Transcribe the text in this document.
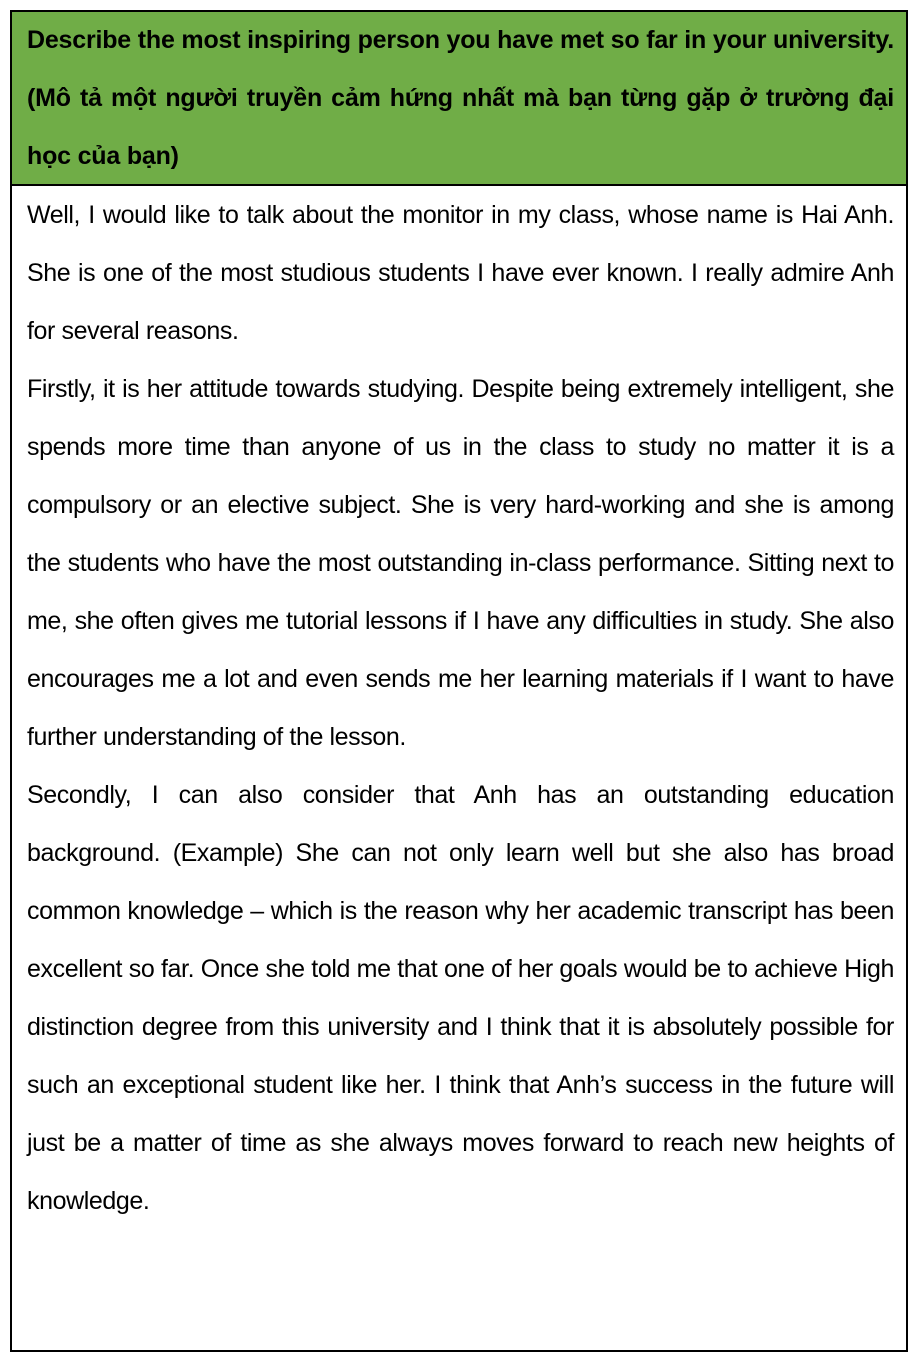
Describe the most inspiring person you have met so far in your university. (Mô tả một người truyền cảm hứng nhất mà bạn từng gặp ở trường đại học của bạn)

Well, I would like to talk about the monitor in my class, whose name is Hai Anh. She is one of the most studious students I have ever known. I really admire Anh for several reasons.

Firstly, it is her attitude towards studying. Despite being extremely intelligent, she spends more time than anyone of us in the class to study no matter it is a compulsory or an elective subject. She is very hard-working and she is among the students who have the most outstanding in-class performance. Sitting next to me, she often gives me tutorial lessons if I have any difficulties in study. She also encourages me a lot and even sends me her learning materials if I want to have further understanding of the lesson.

Secondly, I can also consider that Anh has an outstanding education background. (Example) She can not only learn well but she also has broad common knowledge – which is the reason why her academic transcript has been excellent so far. Once she told me that one of her goals would be to achieve High distinction degree from this university and I think that it is absolutely possible for such an exceptional student like her. I think that Anh’s success in the future will just be a matter of time as she always moves forward to reach new heights of knowledge.
